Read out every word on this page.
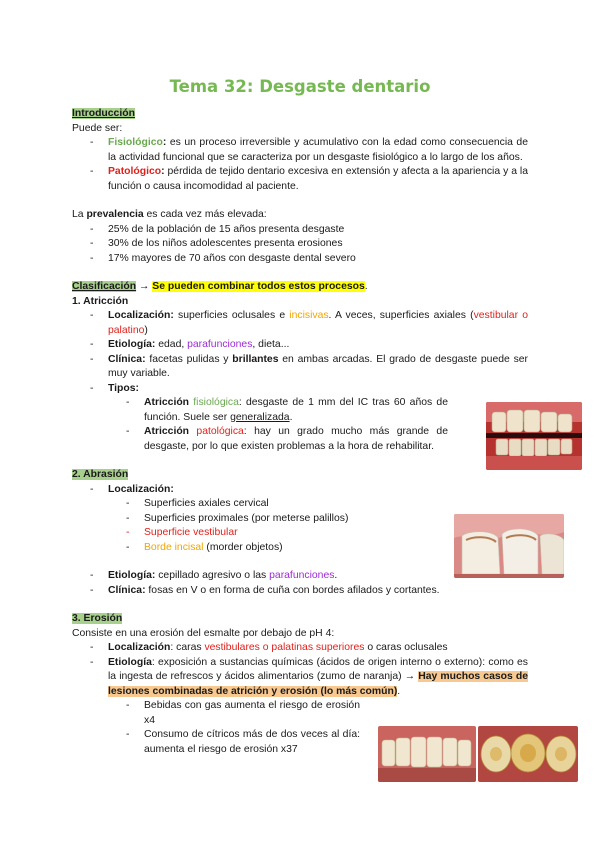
Tema 32: Desgaste dentario
Introducción
Puede ser:
- Fisiológico: es un proceso irreversible y acumulativo con la edad como consecuencia de la actividad funcional que se caracteriza por un desgaste fisiológico a lo largo de los años.
- Patológico: pérdida de tejido dentario excesiva en extensión y afecta a la apariencia y a la función o causa incomodidad al paciente.
La prevalencia es cada vez más elevada:
- 25% de la población de 15 años presenta desgaste
- 30% de los niños adolescentes presenta erosiones
- 17% mayores de 70 años con desgaste dental severo
Clasificación → Se pueden combinar todos estos procesos.
1. Atricción
- Localización: superficies oclusales e incisivas. A veces, superficies axiales (vestibular o palatino)
- Etiología: edad, parafunciones, dieta...
- Clínica: facetas pulidas y brillantes en ambas arcadas. El grado de desgaste puede ser muy variable.
- Tipos:
- Atricción fisiológica: desgaste de 1 mm del IC tras 60 años de función. Suele ser generalizada.
- Atricción patológica: hay un grado mucho más grande de desgaste, por lo que existen problemas a la hora de rehabilitar.
2. Abrasión
- Localización:
- Superficies axiales cervical
- Superficies proximales (por meterse palillos)
- Superficie vestibular
- Borde incisal (morder objetos)
- Etiología: cepillado agresivo o las parafunciones.
- Clínica: fosas en V o en forma de cuña con bordes afilados y cortantes.
3. Erosión
Consiste en una erosión del esmalte por debajo de pH 4:
- Localización: caras vestibulares o palatinas superiores o caras oclusales
- Etiología: exposición a sustancias químicas (ácidos de origen interno o externo): como es la ingesta de refrescos y ácidos alimentarios (zumo de naranja) → Hay muchos casos de lesiones combinadas de atrición y erosión (lo más común).
- Bebidas con gas aumenta el riesgo de erosión x4
- Consumo de cítricos más de dos veces al día: aumenta el riesgo de erosión x37
